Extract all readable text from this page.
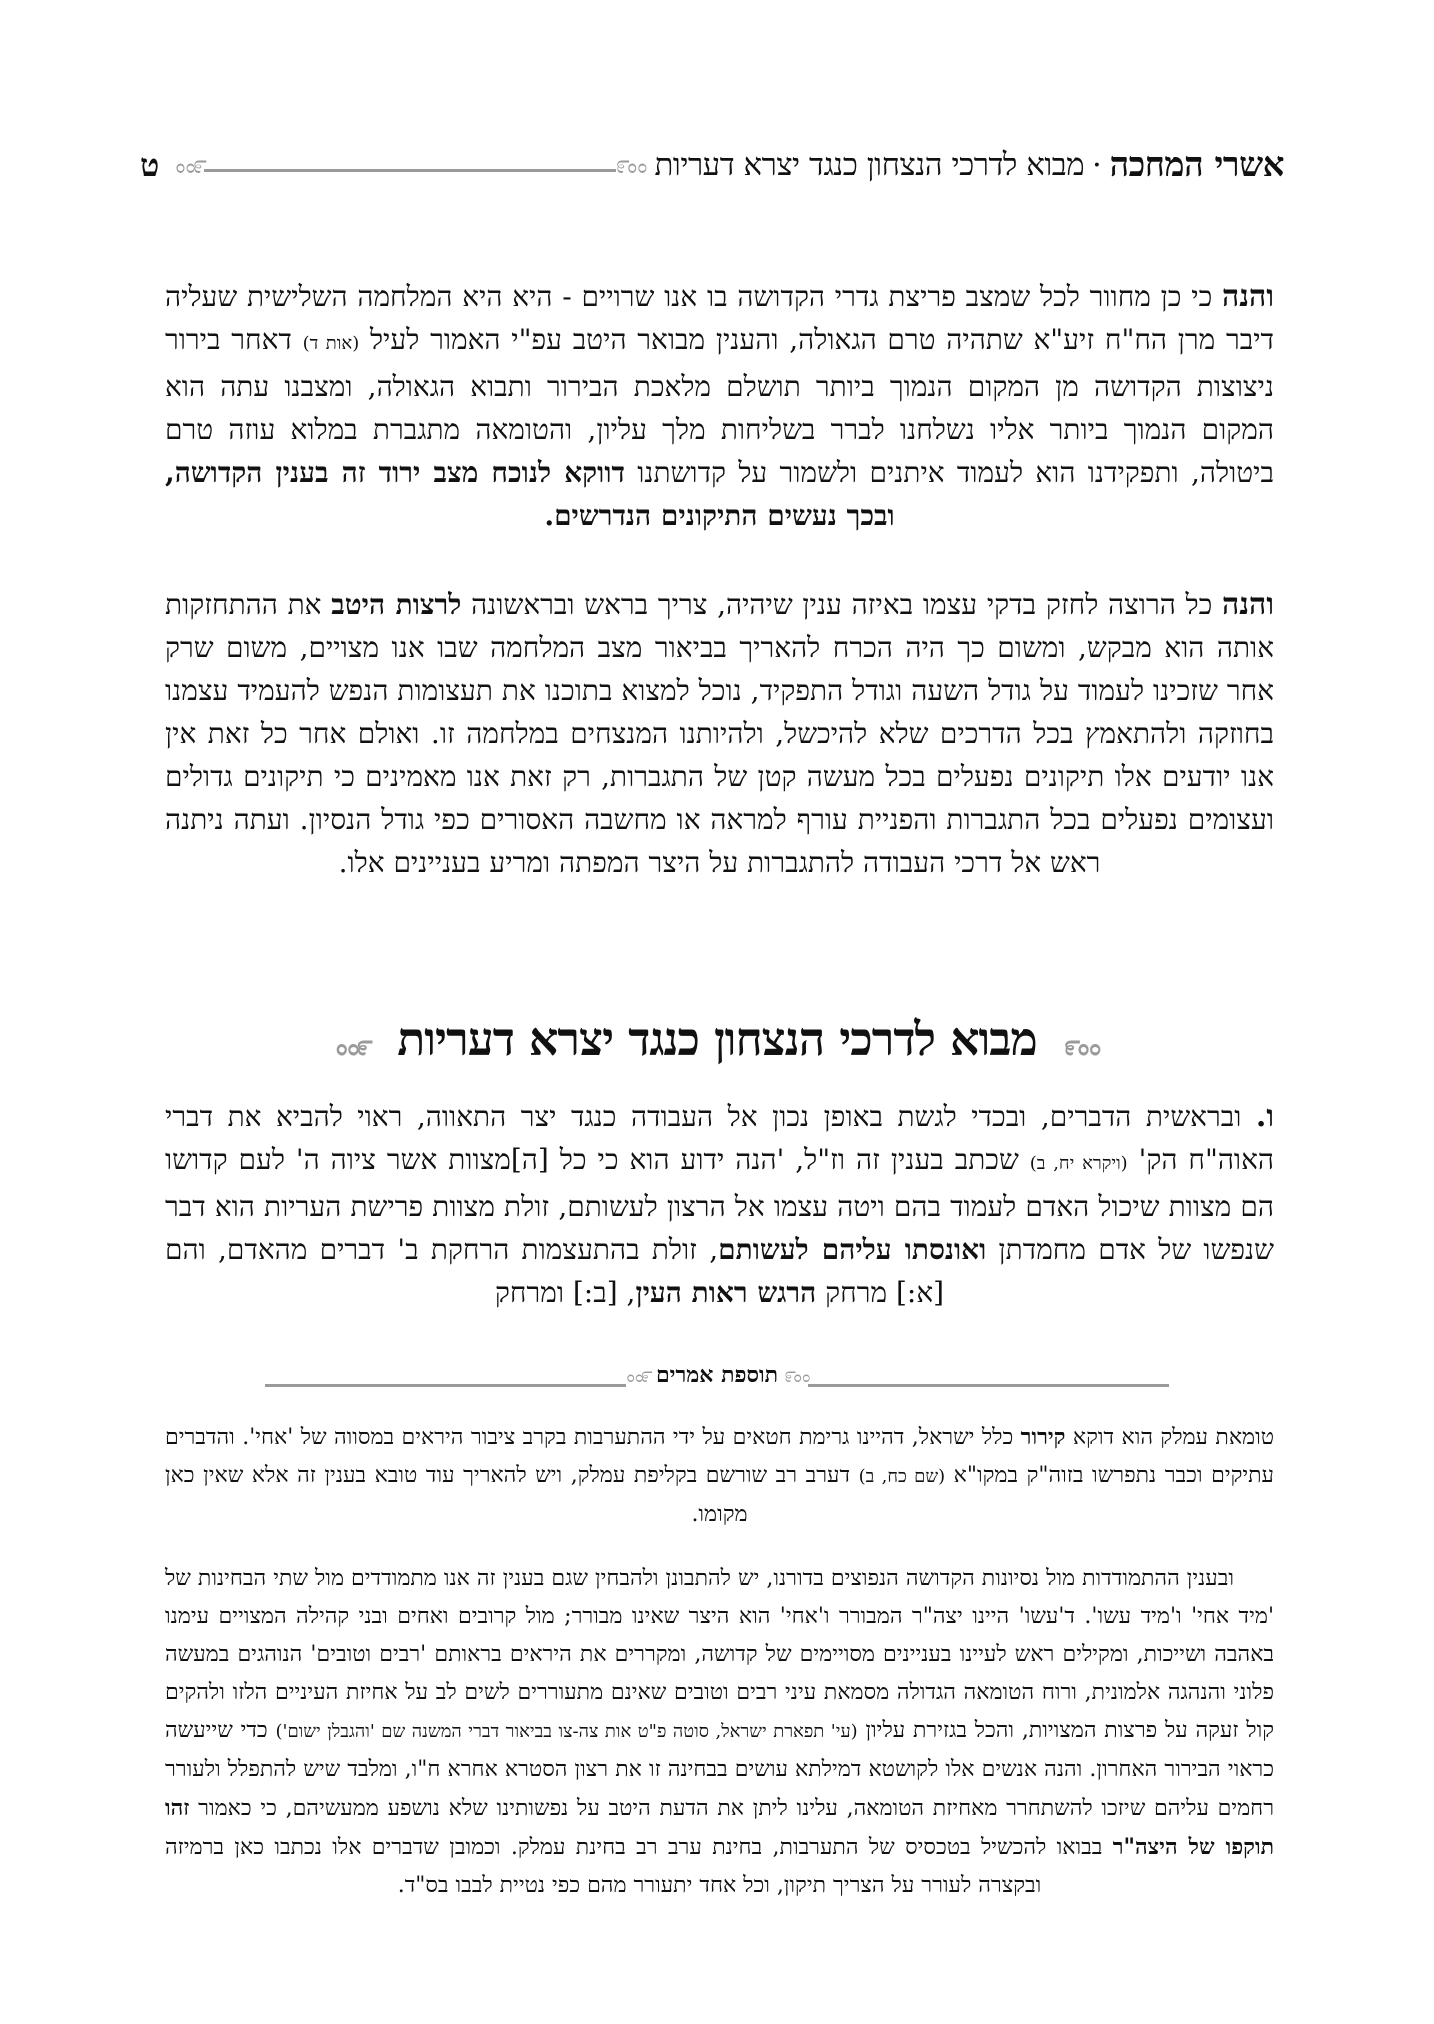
אשרי המחכה
·
מבוא לדרכי הנצחון כנגד יצרא דעריות
ೲ೯	೯ೲ
ט

והנה כי כן מחוור לכל שמצב פריצת גדרי הקדושה בו אנו שרויים - היא היא המלחמה השלישית שעליה דיבר מרן הח"ח זיע"א שתהיה טרם הגאולה, והענין מבואר היטב עפ"י האמור לעיל (אות ד) דאחר בירור ניצוצות הקדושה מן המקום הנמוך ביותר תושלם מלאכת הבירור ותבוא הגאולה, ומצבנו עתה הוא המקום הנמוך ביותר אליו נשלחנו לברר בשליחות מלך עליון, והטומאה מתגברת במלוא עוזה טרם ביטולה, ותפקידנו הוא לעמוד איתנים ולשמור על קדושתנו דווקא לנוכח מצב ירוד זה בענין הקדושה, ובכך נעשים התיקונים הנדרשים.

והנה כל הרוצה לחזק בדקי עצמו באיזה ענין שיהיה, צריך בראש ובראשונה לרצות היטב את ההתחזקות אותה הוא מבקש, ומשום כך היה הכרח להאריך בביאור מצב המלחמה שבו אנו מצויים, משום שרק אחר שזכינו לעמוד על גודל השעה וגודל התפקיד, נוכל למצוא בתוכנו את תעצומות הנפש להעמיד עצמנו בחוזקה ולהתאמץ בכל הדרכים שלא להיכשל, ולהיותנו המנצחים במלחמה זו. ואולם אחר כל זאת אין אנו יודעים אלו תיקונים נפעלים בכל מעשה קטן של התגברות, רק זאת אנו מאמינים כי תיקונים גדולים ועצומים נפעלים בכל התגברות והפניית עורף למראה או מחשבה האסורים כפי גודל הנסיון. ועתה ניתנה ראש אל דרכי העבודה להתגברות על היצר המפתה ומריע בעניינים אלו.

೯ೲ מבוא לדרכי הנצחון כנגד יצרא דעריות ೲ೯

ו. ובראשית הדברים, ובכדי לגשת באופן נכון אל העבודה כנגד יצר התאווה, ראוי להביא את דברי האוה"ח הק' (ויקרא יח, ב) שכתב בענין זה וז"ל, 'הנה ידוע הוא כי כל [ה]מצוות אשר ציוה ה' לעם קדושו הם מצוות שיכול האדם לעמוד בהם ויטה עצמו אל הרצון לעשותם, זולת מצוות פרישת העריות הוא דבר שנפשו של אדם מחמדתן ואונסתו עליהם לעשותם, זולת בהתעצמות הרחקת ב' דברים מהאדם, והם [א:] מרחק הרגש ראות העין, [ב:] ומרחק

೯ೲ
תוספת אמרים
ೲ೯

טומאת עמלק הוא דוקא קירור כלל ישראל, דהיינו גרימת חטאים על ידי ההתערבות בקרב ציבור היראים במסווה של 'אחי'. והדברים עתיקים וכבר נתפרשו בזוה"ק במקו"א (שם כח, ב) דערב רב שורשם בקליפת עמלק, ויש להאריך עוד טובא בענין זה אלא שאין כאן מקומו.

ובענין ההתמודדות מול נסיונות הקדושה הנפוצים בדורנו, יש להתבונן ולהבחין שגם בענין זה אנו מתמודדים מול שתי הבחינות של 'מיד אחי' ו'מיד עשו'. ד'עשו' היינו יצה"ר המבורר ו'אחי' הוא היצר שאינו מבורר; מול קרובים ואחים ובני קהילה המצויים עימנו באהבה ושייכות, ומקילים ראש לעיינו בעניינים מסויימים של קדושה, ומקררים את היראים בראותם 'רבים וטובים' הנוהגים במעשה פלוני והנהגה אלמונית, ורוח הטומאה הגדולה מסמאת עיני רבים וטובים שאינם מתעוררים לשים לב על אחיזת העיניים הלזו ולהקים קול זעקה על פרצות המצויות, והכל בגזירת עליון (עי' תפארת ישראל, סוטה פ"ט אות צה-צו בביאור דברי המשנה שם 'והגבלן ישום') כדי שייעשה כראוי הבירור האחרון. והנה אנשים אלו לקושטא דמילתא עושים בבחינה זו את רצון הסטרא אחרא ח"ו, ומלבד שיש להתפלל ולעורר רחמים עליהם שיזכו להשתחרר מאחיזת הטומאה, עלינו ליתן את הדעת היטב על נפשותינו שלא נושפע ממעשיהם, כי כאמור זהו תוקפו של היצה"ר בבואו להכשיל בטכסיס של התערבות, בחינת ערב רב בחינת עמלק. וכמובן שדברים אלו נכתבו כאן ברמיזה ובקצרה לעורר על הצריך תיקון, וכל אחד יתעורר מהם כפי נטיית לבבו בס"ד.
